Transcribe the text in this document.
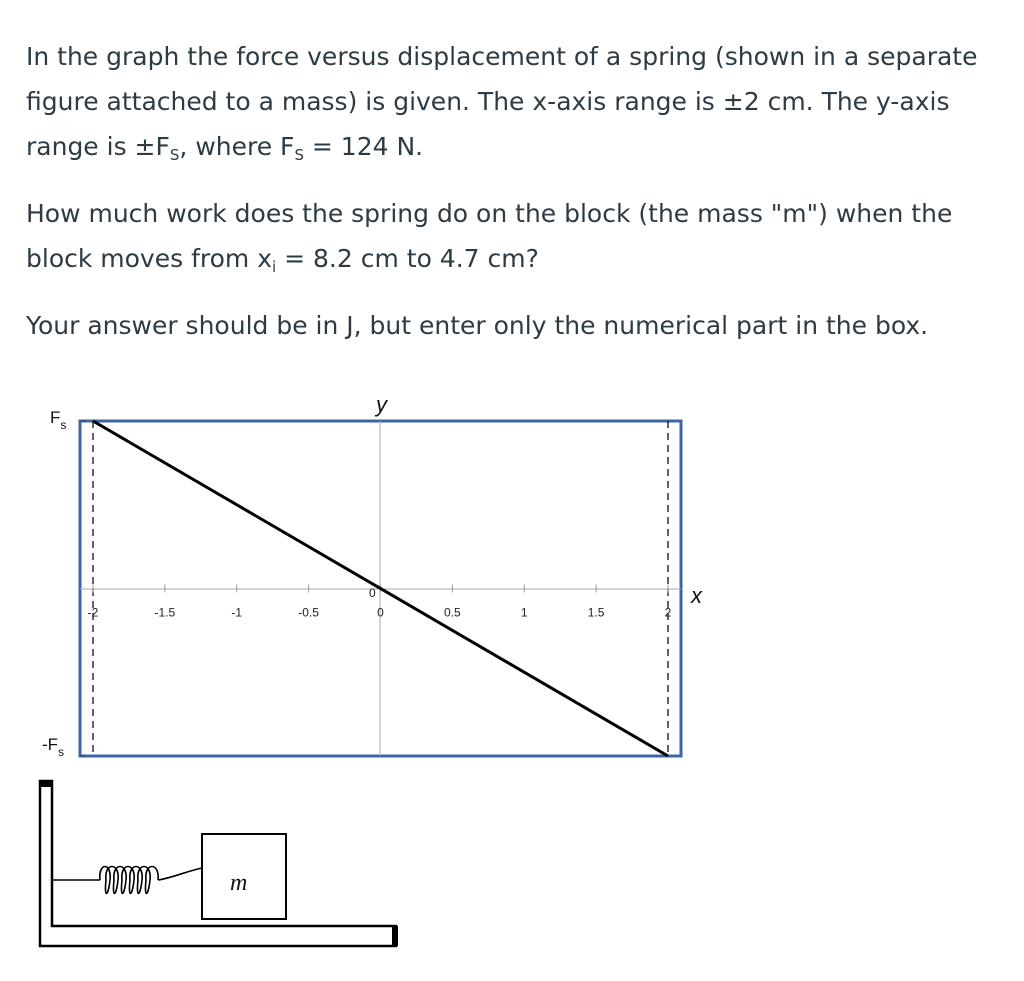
In the graph the force versus displacement of a spring (shown in a separate figure attached to a mass) is given. The x-axis range is ±2 cm. The y-axis range is $\pm F_S$, where $F_S = 124$ N.

How much work does the spring do on the block (the mass "m") when the block moves from $x_i = 8.2$ cm to 4.7 cm?

Your answer should be in J, but enter only the numerical part in the box.

-2	-1.5	-1	-0.5	0	0.5	1	1.5	2
0
y
x
$F_s$
$-F_s$
m
